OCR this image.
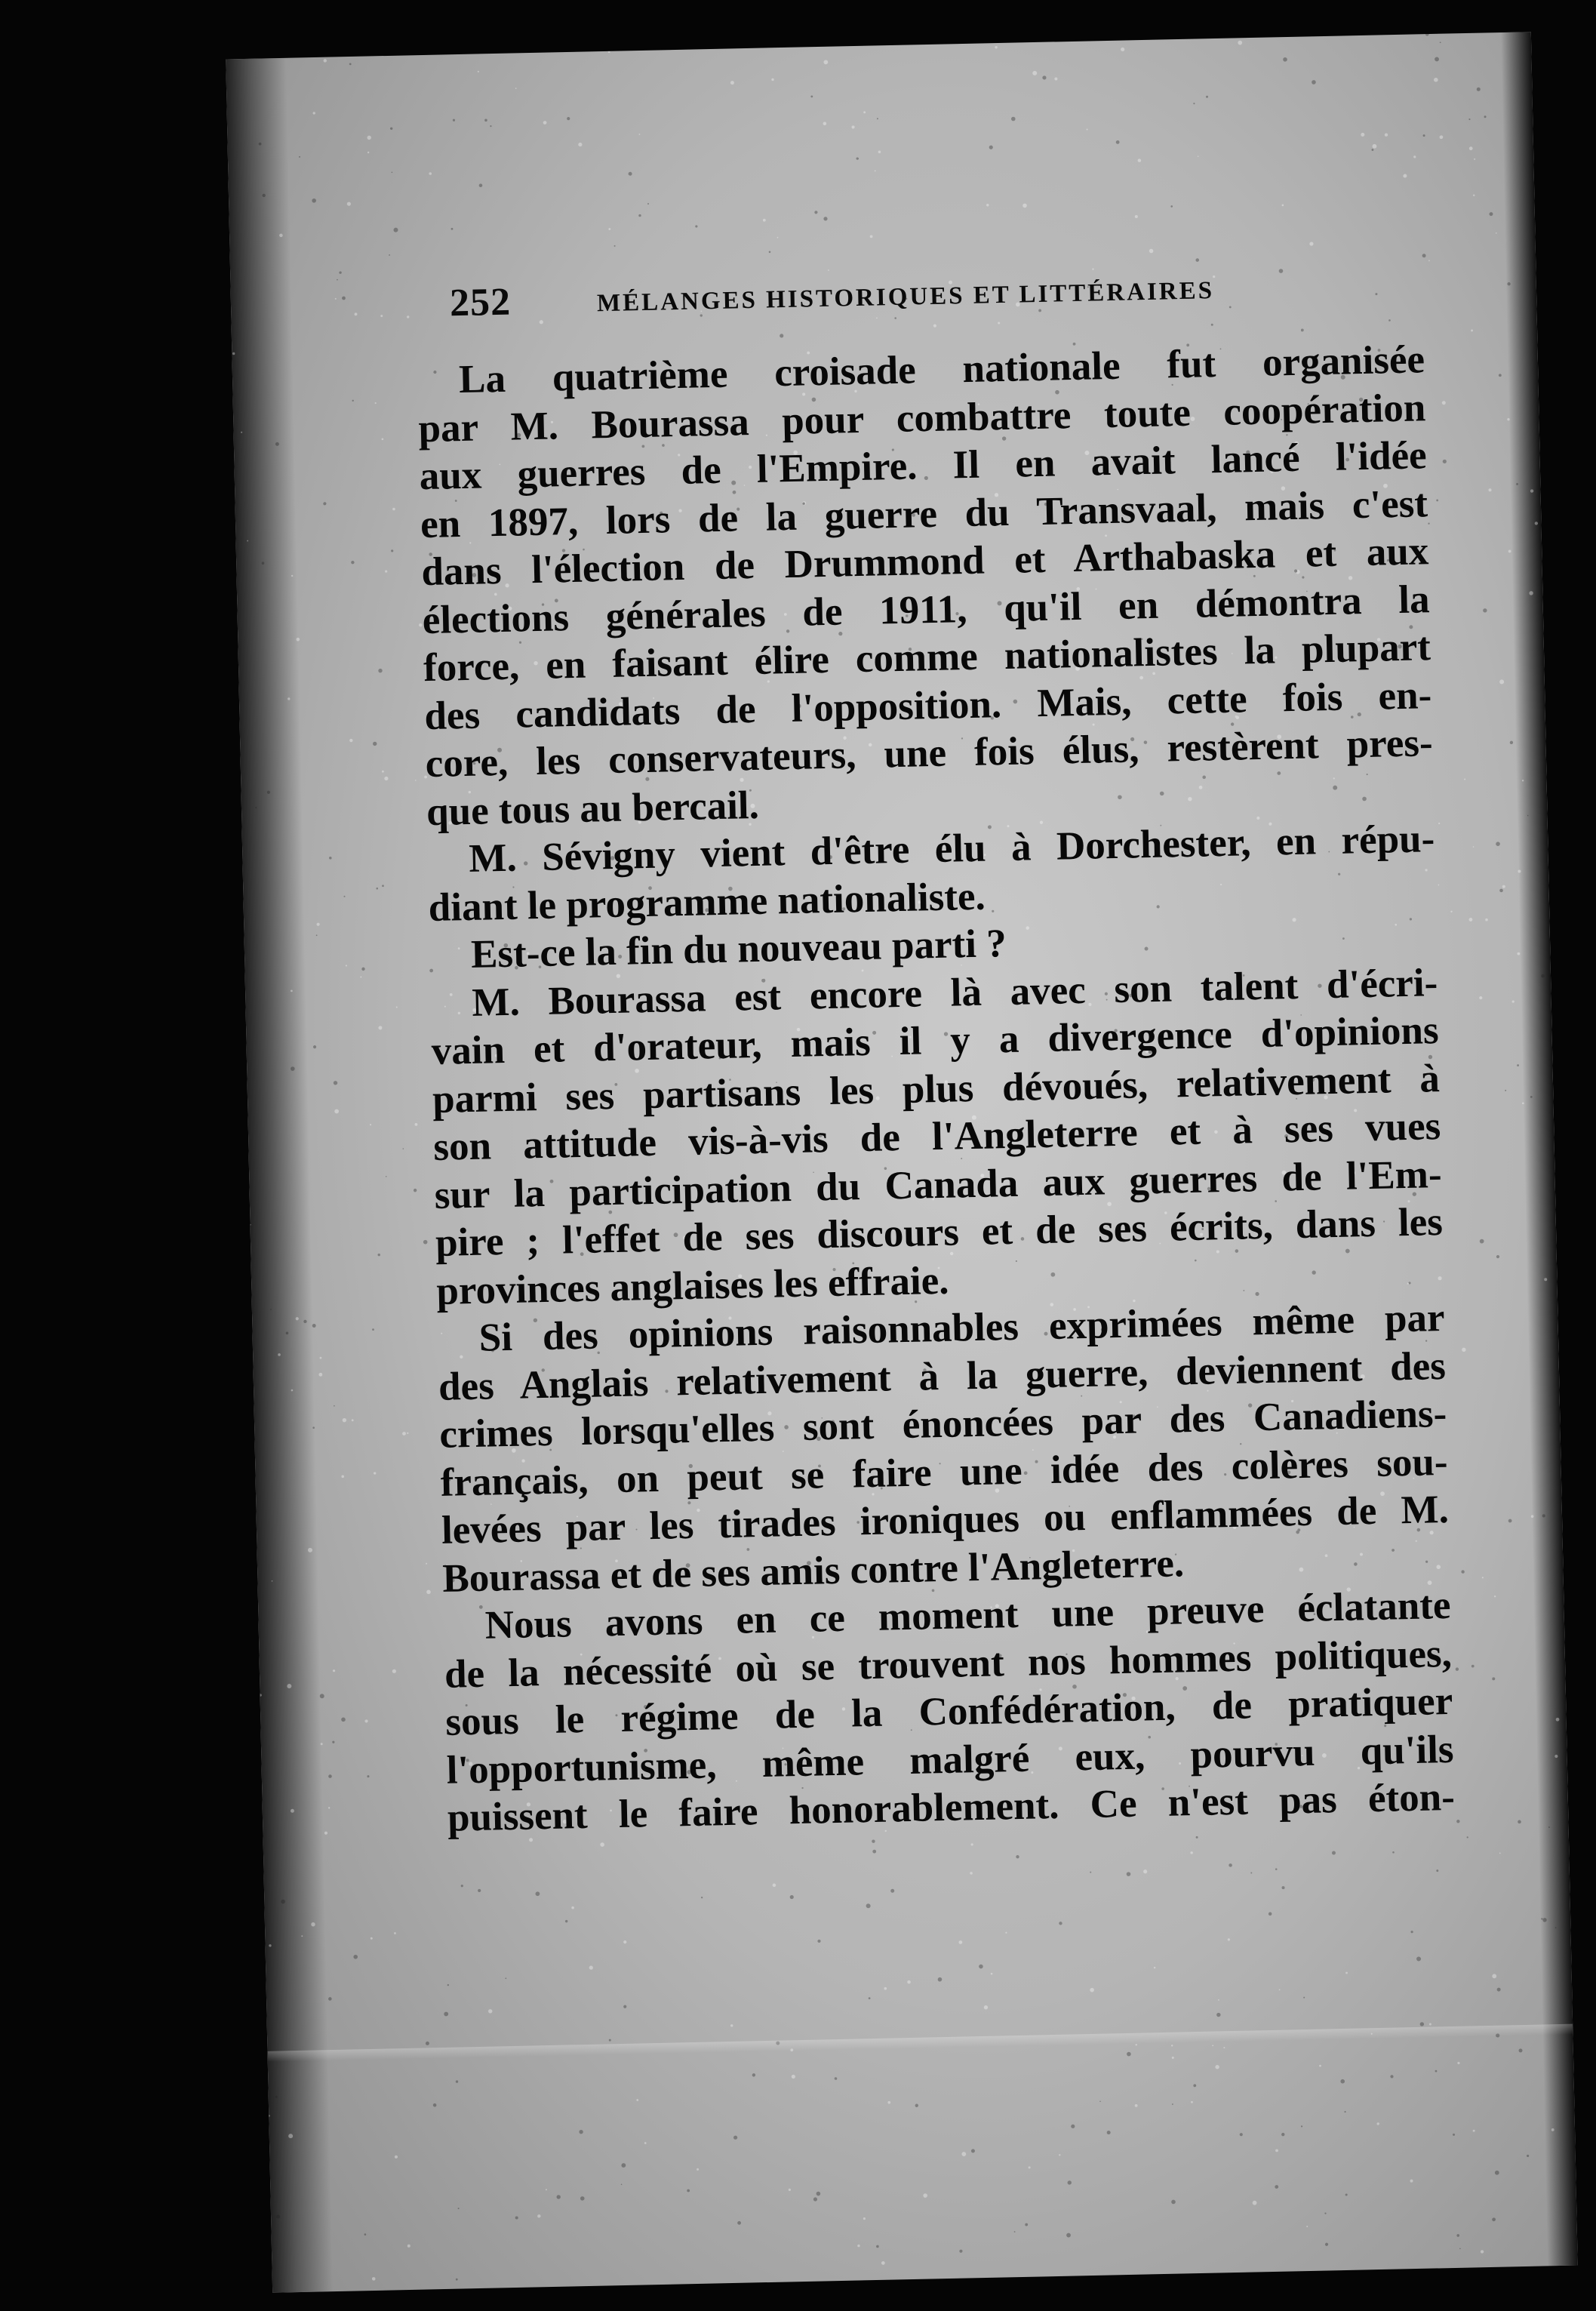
252	MÉLANGES HISTORIQUES ET LITTÉRAIRES
La quatrième croisade nationale fut organisée
par M. Bourassa pour combattre toute coopération
aux guerres de l'Empire. Il en avait lancé l'idée
en 1897, lors de la guerre du Transvaal, mais c'est
dans l'élection de Drummond et Arthabaska et aux
élections générales de 1911, qu'il en démontra la
force, en faisant élire comme nationalistes la plupart
des candidats de l'opposition. Mais, cette fois en-
core, les conservateurs, une fois élus, restèrent pres-
que tous au bercail.
M. Sévigny vient d'être élu à Dorchester, en répu-
diant le programme nationaliste.
Est-ce la fin du nouveau parti ?
M. Bourassa est encore là avec son talent d'écri-
vain et d'orateur, mais il y a divergence d'opinions
parmi ses partisans les plus dévoués, relativement à
son attitude vis-à-vis de l'Angleterre et à ses vues
sur la participation du Canada aux guerres de l'Em-
pire ; l'effet de ses discours et de ses écrits, dans les
provinces anglaises les effraie.
Si des opinions raisonnables exprimées même par
des Anglais relativement à la guerre, deviennent des
crimes lorsqu'elles sont énoncées par des Canadiens-
français, on peut se faire une idée des colères sou-
levées par les tirades ironiques ou enflammées de M.
Bourassa et de ses amis contre l'Angleterre.
Nous avons en ce moment une preuve éclatante
de la nécessité où se trouvent nos hommes politiques,
sous le régime de la Confédération, de pratiquer
l'opportunisme, même malgré eux, pourvu qu'ils
puissent le faire honorablement. Ce n'est pas éton-
